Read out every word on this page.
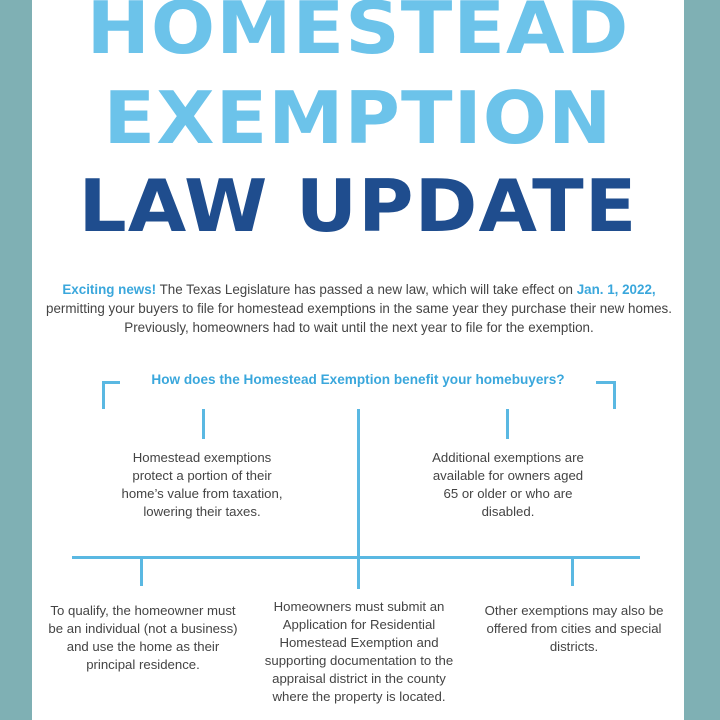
HOMESTEAD
EXEMPTION
LAW UPDATE
Exciting news! The Texas Legislature has passed a new law, which will take effect on Jan. 1, 2022, permitting your buyers to file for homestead exemptions in the same year they purchase their new homes. Previously, homeowners had to wait until the next year to file for the exemption.
How does the Homestead Exemption benefit your homebuyers?
Homestead exemptions protect a portion of their home’s value from taxation, lowering their taxes.
Additional exemptions are available for owners aged 65 or older or who are disabled.
To qualify, the homeowner must be an individual (not a business) and use the home as their principal residence.
Homeowners must submit an Application for Residential Homestead Exemption and supporting documentation to the appraisal district in the county where the property is located.
Other exemptions may also be offered from cities and special districts.
